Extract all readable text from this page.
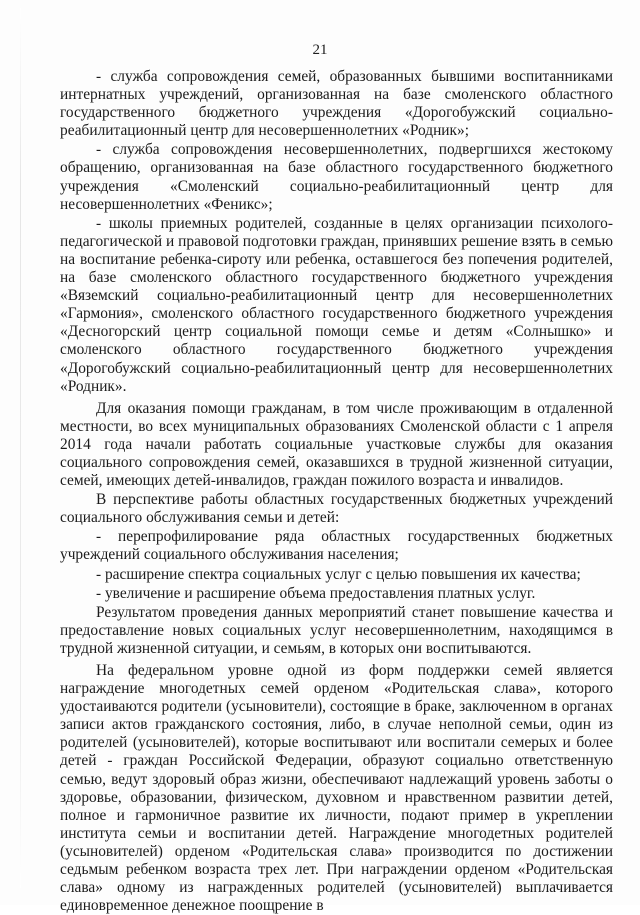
21

- служба сопровождения семей, образованных бывшими воспитанниками интернатных учреждений, организованная на базе смоленского областного государственного бюджетного учреждения «Дорогобужский социально-реабилитационный центр для несовершеннолетних «Родник»;

- служба сопровождения несовершеннолетних, подвергшихся жестокому обращению, организованная на базе областного государственного бюджетного учреждения «Смоленский социально-реабилитационный центр для несовершеннолетних «Феникс»;

- школы приемных родителей, созданные в целях организации психолого-педагогической и правовой подготовки граждан, принявших решение взять в семью на воспитание ребенка-сироту или ребенка, оставшегося без попечения родителей, на базе смоленского областного государственного бюджетного учреждения «Вяземский социально-реабилитационный центр для несовершеннолетних «Гармония», смоленского областного государственного бюджетного учреждения «Десногорский центр социальной помощи семье и детям «Солнышко» и смоленского областного государственного бюджетного учреждения «Дорогобужский социально-реабилитационный центр для несовершеннолетних «Родник».

Для оказания помощи гражданам, в том числе проживающим в отдаленной местности, во всех муниципальных образованиях Смоленской области с 1 апреля 2014 года начали работать социальные участковые службы для оказания социального сопровождения семей, оказавшихся в трудной жизненной ситуации, семей, имеющих детей-инвалидов, граждан пожилого возраста и инвалидов.

В перспективе работы областных государственных бюджетных учреждений социального обслуживания семьи и детей:

- перепрофилирование ряда областных государственных бюджетных учреждений социального обслуживания населения;

- расширение спектра социальных услуг с целью повышения их качества;

- увеличение и расширение объема предоставления платных услуг.

Результатом проведения данных мероприятий станет повышение качества и предоставление новых социальных услуг несовершеннолетним, находящимся в трудной жизненной ситуации, и семьям, в которых они воспитываются.

На федеральном уровне одной из форм поддержки семей является награждение многодетных семей орденом «Родительская слава», которого удостаиваются родители (усыновители), состоящие в браке, заключенном в органах записи актов гражданского состояния, либо, в случае неполной семьи, один из родителей (усыновителей), которые воспитывают или воспитали семерых и более детей - граждан Российской Федерации, образуют социально ответственную семью, ведут здоровый образ жизни, обеспечивают надлежащий уровень заботы о здоровье, образовании, физическом, духовном и нравственном развитии детей, полное и гармоничное развитие их личности, подают пример в укреплении института семьи и воспитании детей. Награждение многодетных родителей (усыновителей) орденом «Родительская слава» производится по достижении седьмым ребенком возраста трех лет. При награждении орденом «Родительская слава» одному из награжденных родителей (усыновителей) выплачивается единовременное денежное поощрение в
